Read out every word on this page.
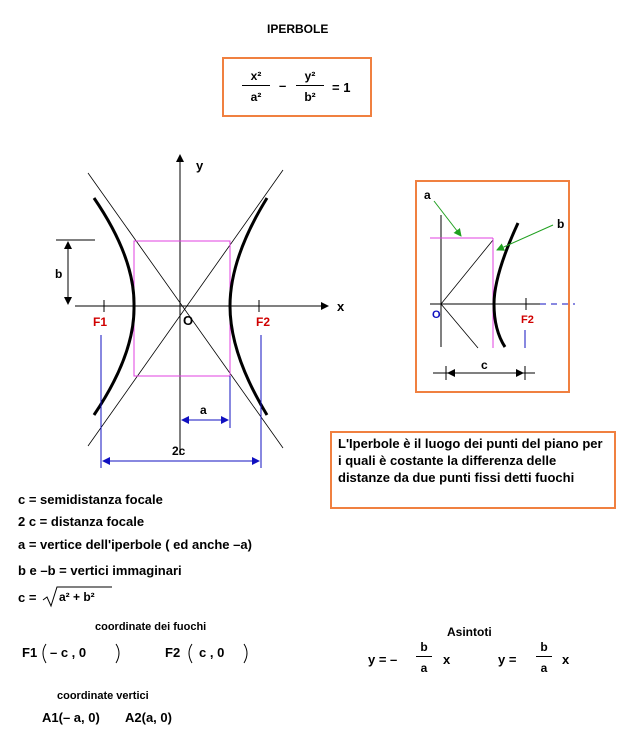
IPERBOLE
$\frac{\text{x²}}{\text{a²}} - \frac{\text{y²}}{\text{b²}} = 1$
y
x
O
F1	F2
b
a
2c
a
b
O	F2
c
L'Iperbole è il luogo dei punti del piano per i quali è costante la differenza delle distanze da due punti fissi detti fuochi
c = semidistanza focale
2 c = distanza focale
a = vertice dell'iperbole ( ed anche –a)
b e –b = vertici immaginari
c = a² + b²
coordinate dei fuochi
F1 – c , 0	F2 c , 0
Asintoti
y = – $\frac{b}{a}$ x	$y = \frac{b}{a}$ x
coordinate vertici
A1(– a, 0) A2(a, 0)
